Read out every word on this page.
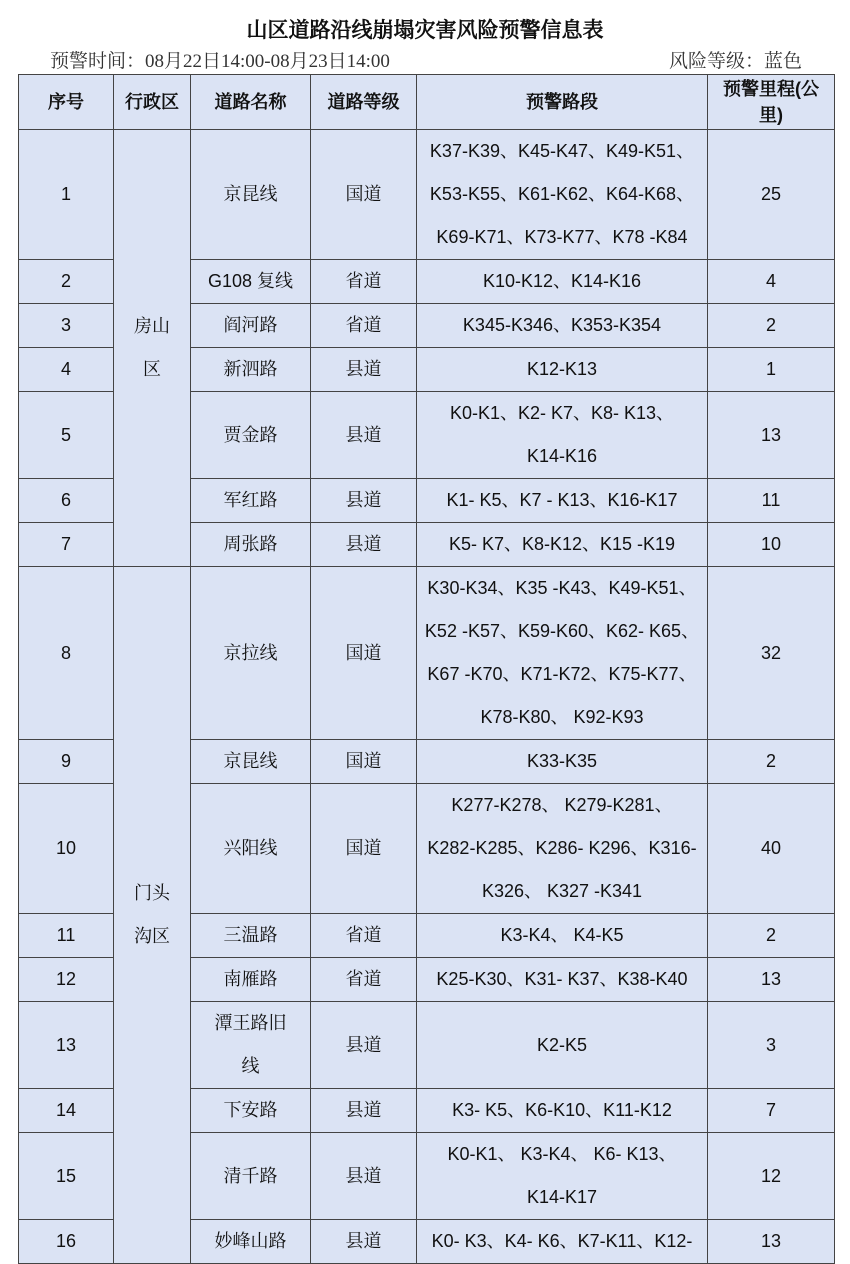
山区道路沿线崩塌灾害风险预警信息表
预警时间：08月22日14:00-08月23日14:00	风险等级：蓝色
序号	行政区	道路名称	道路等级	预警路段	预警里程(公里)
1	房山区	京昆线	国道	K37-K39、K45-K47、K49-K51、
K53-K55、K61-K62、K64-K68、
K69-K71、K73-K77、K78 -K84	25
2		G108 复线	省道	K10-K12、K14-K16	4
3		阎河路	省道	K345-K346、K353-K354	2
4		新泗路	县道	K12-K13	1
5		贾金路	县道	K0-K1、K2- K7、K8- K13、
K14-K16	13
6		军红路	县道	K1- K5、K7 - K13、K16-K17	11
7		周张路	县道	K5- K7、K8-K12、K15 -K19	10
8	门头沟区	京拉线	国道	K30-K34、K35 -K43、K49-K51、
K52 -K57、K59-K60、K62- K65、
K67 -K70、K71-K72、K75-K77、
K78-K80、 K92-K93	32
9		京昆线	国道	K33-K35	2
10		兴阳线	国道	K277-K278、 K279-K281、
K282-K285、K286- K296、K316-
K326、 K327 -K341	40
11		三温路	省道	K3-K4、 K4-K5	2
12		南雁路	省道	K25-K30、K31- K37、K38-K40	13
13		潭王路旧
线	县道	K2-K5	3
14		下安路	县道	K3- K5、K6-K10、K11-K12	7
15		清千路	县道	K0-K1、 K3-K4、 K6- K13、
K14-K17	12
16		妙峰山路	县道	K0- K3、K4- K6、K7-K11、K12-	13
